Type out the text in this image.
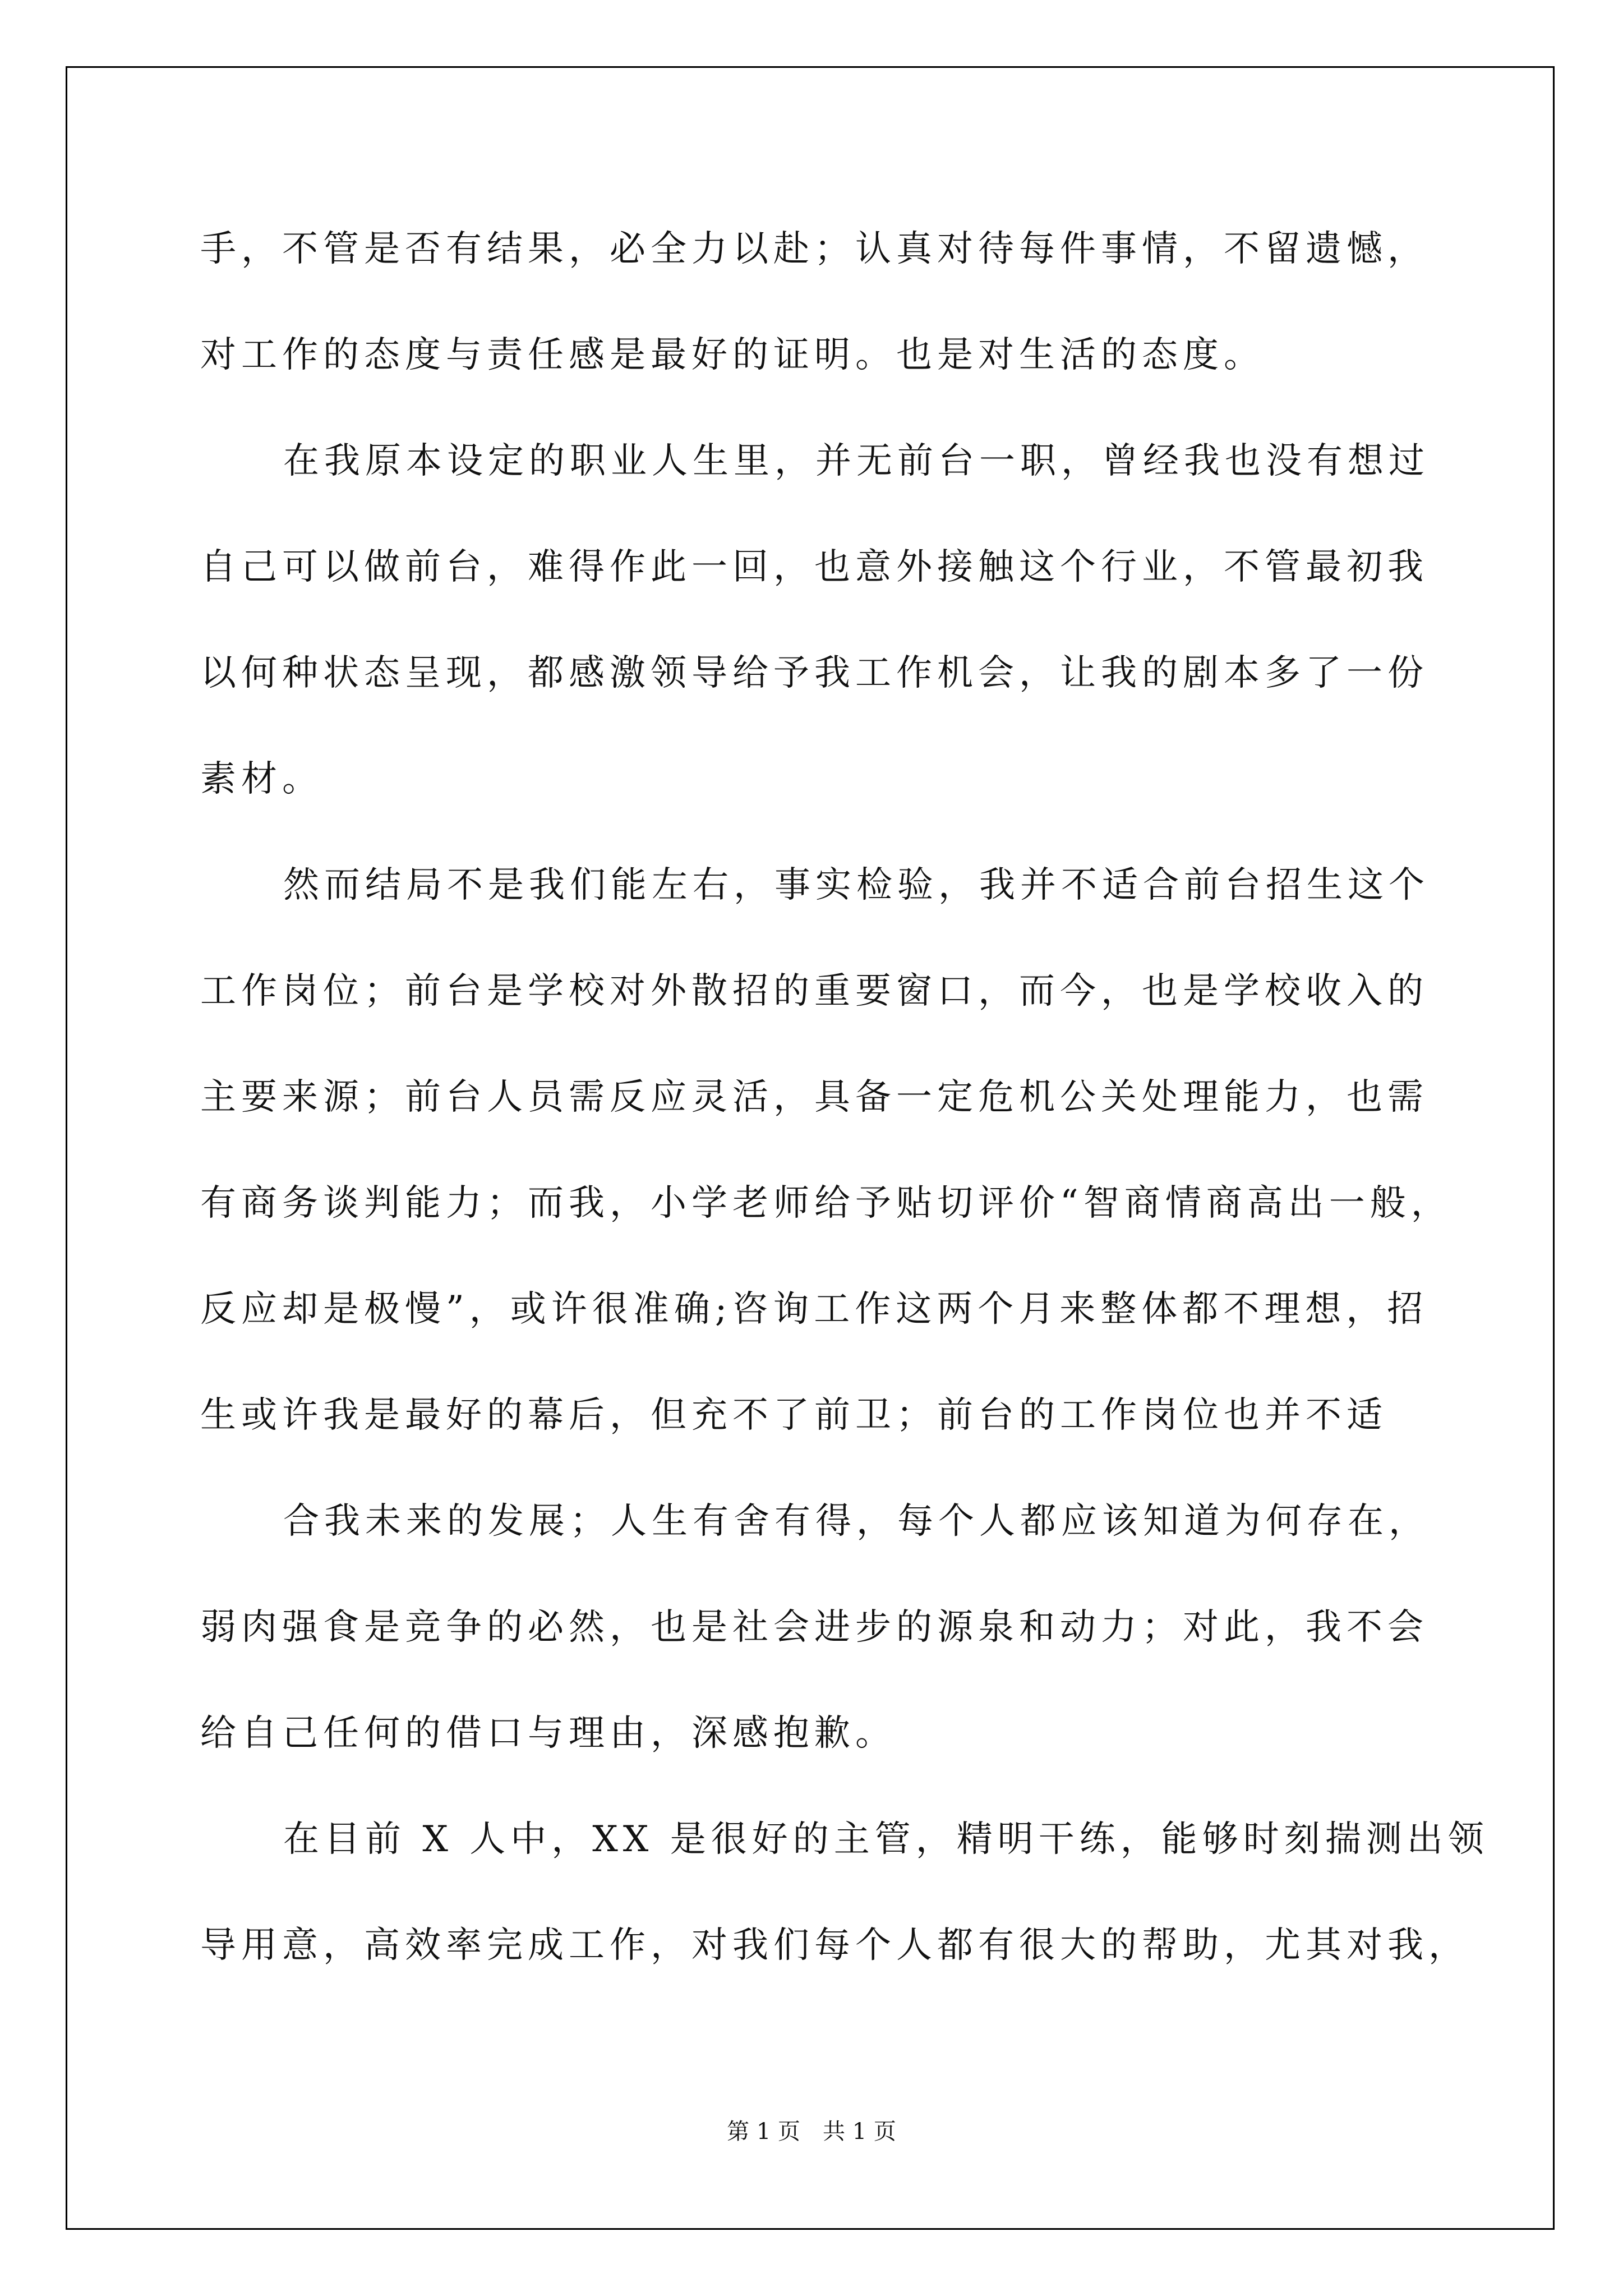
手，不管是否有结果，必全力以赴；认真对待每件事情，不留遗憾，
对工作的态度与责任感是最好的证明。也是对生活的态度。
在我原本设定的职业人生里，并无前台一职，曾经我也没有想过
自己可以做前台，难得作此一回，也意外接触这个行业，不管最初我
以何种状态呈现，都感激领导给予我工作机会，让我的剧本多了一份
素材。
然而结局不是我们能左右，事实检验，我并不适合前台招生这个
工作岗位；前台是学校对外散招的重要窗口，而今，也是学校收入的
主要来源；前台人员需反应灵活，具备一定危机公关处理能力，也需
有商务谈判能力；而我，小学老师给予贴切评价“智商情商高出一般，
反应却是极慢”，或许很准确;咨询工作这两个月来整体都不理想，招
生或许我是最好的幕后，但充不了前卫；前台的工作岗位也并不适
合我未来的发展；人生有舍有得，每个人都应该知道为何存在，
弱肉强食是竞争的必然，也是社会进步的源泉和动力；对此，我不会
给自己任何的借口与理由，深感抱歉。
在目前 X 人中，XX 是很好的主管，精明干练，能够时刻揣测出领
导用意，高效率完成工作，对我们每个人都有很大的帮助，尤其对我，
第 1 页 共 1 页
